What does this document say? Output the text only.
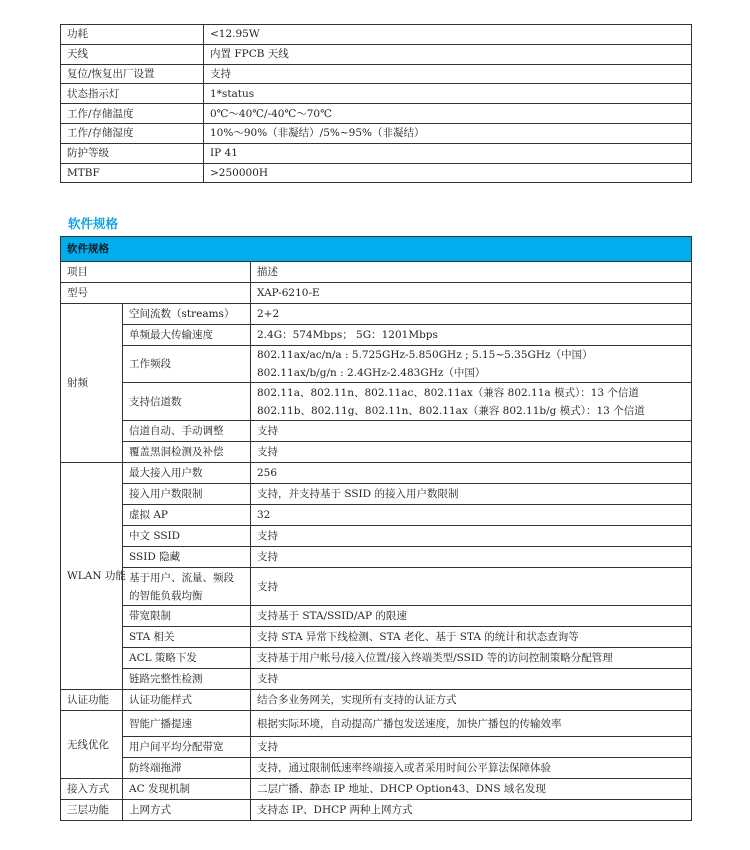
功耗	<12.95W
天线	内置 FPCB 天线
复位/恢复出厂设置	支持
状态指示灯	1*status
工作/存储温度	0℃～40℃/-40℃～70℃
工作/存储湿度	10%～90%（非凝结）/5%~95%（非凝结）
防护等级	IP 41
MTBF	>250000H
软件规格
软件规格		
项目		描述
型号		XAP-6210-E
射频	空间流数（streams）	2+2

	单频最大传输速度	2.4G：574Mbps； 5G：1201Mbps

	工作频段	802.11ax/ac/n/a : 5.725GHz-5.850GHz ; 5.15~5.35GHz（中国）
802.11ax/b/g/n : 2.4GHz-2.483GHz（中国）

	支持信道数	802.11a、802.11n、802.11ac、802.11ax（兼容 802.11a 模式）：13 个信道
802.11b、802.11g、802.11n、802.11ax（兼容 802.11b/g 模式）：13 个信道

	信道自动、手动调整	支持

	覆盖黑洞检测及补偿	支持

WLAN 功能	最大接入用户数	256

	接入用户数限制	支持，并支持基于 SSID 的接入用户数限制

	虚拟 AP	32

	中文 SSID	支持

	SSID 隐藏	支持

	基于用户、流量、频段
的智能负载均衡	支持

	带宽限制	支持基于 STA/SSID/AP 的限速

	STA 相关	支持 STA 异常下线检测、STA 老化、基于 STA 的统计和状态查询等

	ACL 策略下发	支持基于用户帐号/接入位置/接入终端类型/SSID 等的访问控制策略分配管理

	链路完整性检测	支持

认证功能	认证功能样式	结合多业务网关，实现所有支持的认证方式

无线优化	智能广播提速	根据实际环境，自动提高广播包发送速度，加快广播包的传输效率

	用户间平均分配带宽	支持

	防终端拖滞	支持，通过限制低速率终端接入或者采用时间公平算法保障体验

接入方式	AC 发现机制	二层广播、静态 IP 地址、DHCP Option43、DNS 域名发现

三层功能	上网方式	支持态 IP、DHCP 两种上网方式
